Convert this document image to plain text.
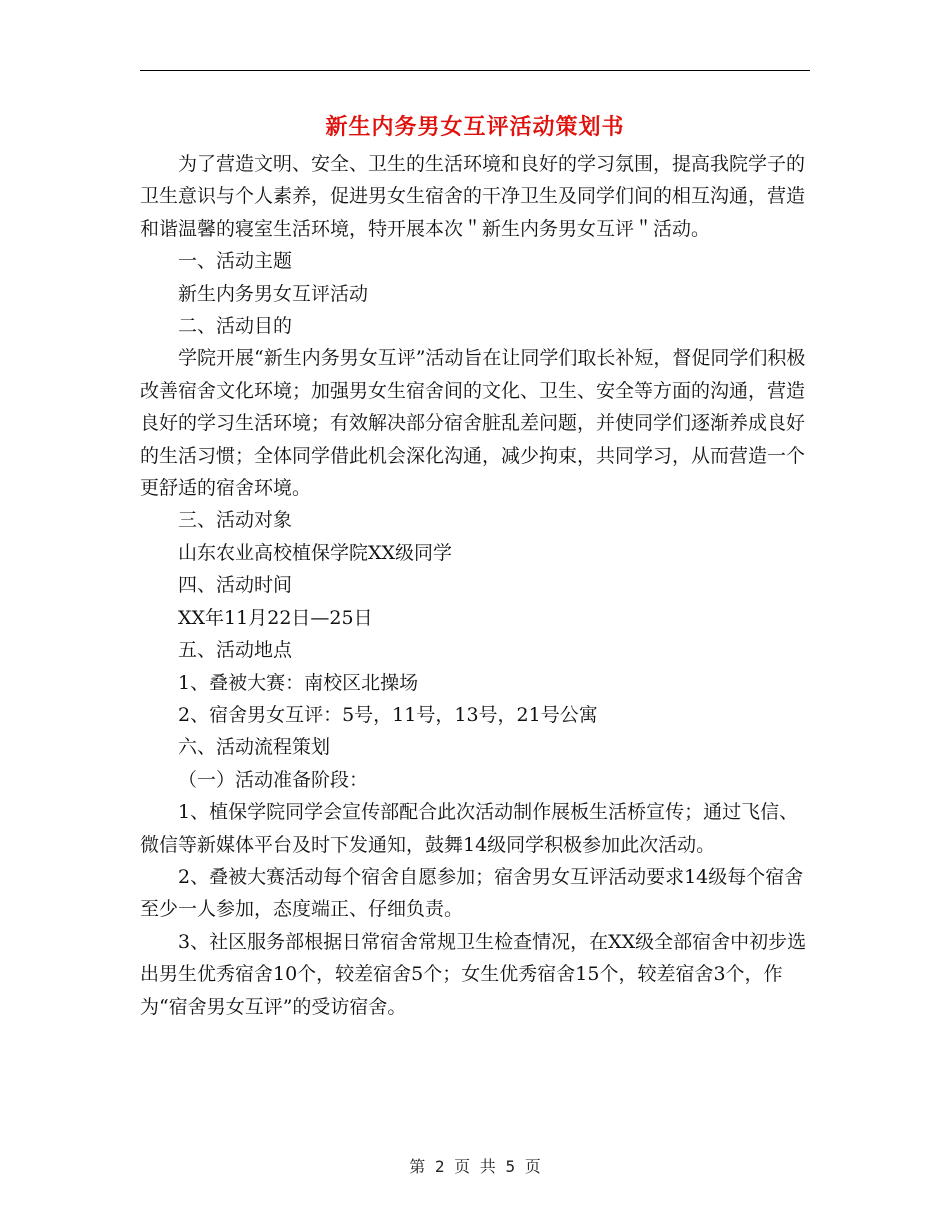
新生内务男女互评活动策划书

为了营造文明、安全、卫生的生活环境和良好的学习氛围，提高我院学子的卫生意识与个人素养，促进男女生宿舍的干净卫生及同学们间的相互沟通，营造和谐温馨的寝室生活环境，特开展本次＂新生内务男女互评＂活动。

一、活动主题

新生内务男女互评活动

二、活动目的

学院开展“新生内务男女互评”活动旨在让同学们取长补短，督促同学们积极改善宿舍文化环境；加强男女生宿舍间的文化、卫生、安全等方面的沟通，营造良好的学习生活环境；有效解决部分宿舍脏乱差问题，并使同学们逐渐养成良好的生活习惯；全体同学借此机会深化沟通，减少拘束，共同学习，从而营造一个更舒适的宿舍环境。

三、活动对象

山东农业高校植保学院XX级同学

四、活动时间

XX年11月22日—25日

五、活动地点

1、叠被大赛：南校区北操场

2、宿舍男女互评：5号，11号，13号，21号公寓

六、活动流程策划

（一）活动准备阶段：

1、植保学院同学会宣传部配合此次活动制作展板生活桥宣传；通过飞信、微信等新媒体平台及时下发通知，鼓舞14级同学积极参加此次活动。

2、叠被大赛活动每个宿舍自愿参加；宿舍男女互评活动要求14级每个宿舍至少一人参加，态度端正、仔细负责。

3、社区服务部根据日常宿舍常规卫生检查情况，在XX级全部宿舍中初步选出男生优秀宿舍10个，较差宿舍5个；女生优秀宿舍15个，较差宿舍3个，作为“宿舍男女互评”的受访宿舍。

第 2 页 共 5 页
